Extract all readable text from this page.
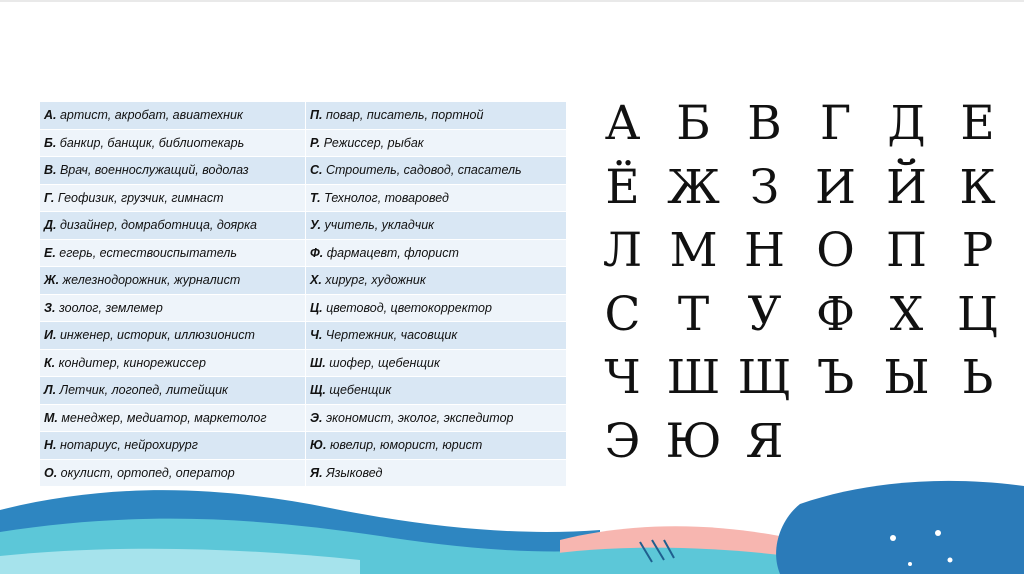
А. артист, акробат, авиатехник	П. повар, писатель, портной
Б. банкир, банщик, библиотекарь	Р. Режиссер, рыбак
В. Врач, военнослужащий, водолаз	С. Строитель, садовод, спасатель
Г. Геофизик, грузчик, гимнаст	Т. Технолог, товаровед
Д. дизайнер, домработница, доярка	У. учитель, укладчик
Е. егерь, естествоиспытатель	Ф. фармацевт, флорист
Ж. железнодорожник, журналист	Х. хирург, художник
З. зоолог, землемер	Ц. цветовод, цветокорректор
И. инженер, историк, иллюзионист	Ч. Чертежник, часовщик
К. кондитер, кинорежиссер	Ш. шофер, щебенщик
Л. Летчик, логопед, литейщик	Щ. щебенщик
М. менеджер, медиатор, маркетолог	Э. экономист, эколог, экспедитор
Н. нотариус, нейрохирург	Ю. ювелир, юморист, юрист
О. окулист, ортопед, оператор	Я. Языковед
А Б В Г Д Е
Ё Ж З И Й К
Л М Н О П Р
С Т У Ф Х Ц
Ч Ш Щ Ъ Ы Ь
Э Ю Я
